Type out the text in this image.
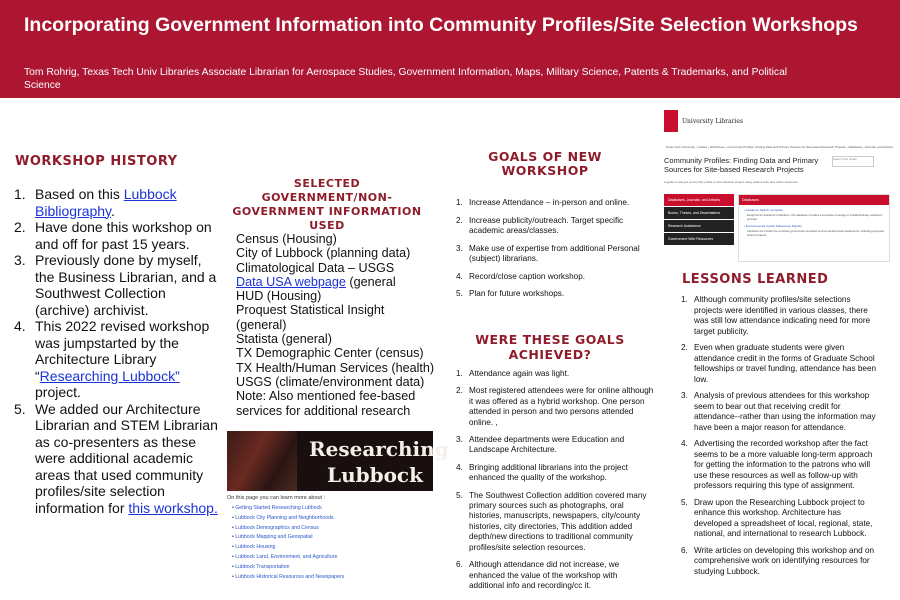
Incorporating Government Information into Community Profiles/Site Selection Workshops
Tom Rohrig, Texas Tech Univ Libraries Associate Librarian for Aerospace Studies, Government Information, Maps, Military Science, Patents & Trademarks, and Political Science
WORKSHOP HISTORY
1. Based on this Lubbock Bibliography.
2. Have done this workshop on and off for past 15 years.
3. Previously done by myself, the Business Librarian, and a Southwest Collection (archive) archivist.
4. This 2022 revised workshop was jumpstarted by the Architecture Library “Researching Lubbock” project.
5. We added our Architecture Librarian and STEM Librarian as co-presenters as these were additional academic areas that used community profiles/site selection information for this workshop.
SELECTED GOVERNMENT/NON-GOVERNMENT INFORMATION USED
Census (Housing)
City of Lubbock (planning data)
Climatological Data – USGS
Data USA webpage (general
HUD (Housing)
Proquest Statistical Insight (general)
Statista (general)
TX Demographic Center (census)
TX Health/Human Services (health)
USGS (climate/environment data)
Note: Also mentioned fee-based services for additional research
Researching
Lubbock
On this page you can learn more about :
• Getting Started Researching Lubbock
• Lubbock City Planning and Neighborhoods
• Lubbock Demographics and Census
• Lubbock Mapping and Geospatial
• Lubbock Housing
• Lubbock Land, Environment, and Agriculture
• Lubbock Transportation
• Lubbock Historical Resources and Newspapers
GOALS OF NEW WORKSHOP
1. Increase Attendance – in-person and online.
2. Increase publicity/outreach. Target specific academic areas/classes.
3. Make use of expertise from additional Personal (subject) librarians.
4. Record/close caption workshop.
5. Plan for future workshops.
WERE THESE GOALS ACHIEVED?
1. Attendance again was light.
2. Most registered attendees were for online although it was offered as a hybrid workshop. One person attended in person and two persons attended online. ,
3. Attendee departments were Education and Landscape Architecture.
4. Bringing additional librarians into the project enhanced the quality of the workshop.
5. The Southwest Collection addition covered many primary sources such as photographs, oral histories, manuscripts, newspapers, city/county histories, city directories, This addition added depth/new directions to traditional community profiles/site selection resources.
6. Although attendance did not increase, we enhanced the value of the workshop with additional info and recording/cc it.
University Libraries
Texas Tech University › Guides › Workshops › Community Profiles: Finding Data and Primary Sources for Site-based Research Projects › Databases, Journals, and Articles
Community Profiles: Finding Data and Primary Sources for Site-based Research Projects
Search this Guide
A guide to doing a community profile or site selection project using various print and online resources.
Databases, Journals, and Articles
Books, Theses, and Dissertations
Research Assistance
Government Web Resources
Databases
• Academic Search Complete
Designed for academic institutions, this database provides a complete coverage of multidisciplinary academic journals.
• Environmental Impact Statements Digests
Abstracts we include the complete government-prepared environmental impact statements, including proposed federal projects.
LESSONS LEARNED
1. Although community profiles/site selections projects were identified in various classes, there was still low attendance indicating need for more target publicity.
2. Even when graduate students were given attendance credit in the forms of Graduate School fellowships or travel funding, attendance has been low.
3. Analysis of previous attendees for this workshop seem to bear out that receiving credit for attendance--rather than using the information may have been a major reason for attendance.
4. Advertising the recorded workshop after the fact seems to be a more valuable long-term approach for getting the information to the patrons who will use these resources as well as follow-up with professors requiring this type of assignment.
5. Draw upon the Researching Lubbock project to enhance this workshop. Architecture has developed a spreadsheet of local, regional, state, national, and international to research Lubbock.
6. Write articles on developing this workshop and on comprehensive work on identifying resources for studying Lubbock.
